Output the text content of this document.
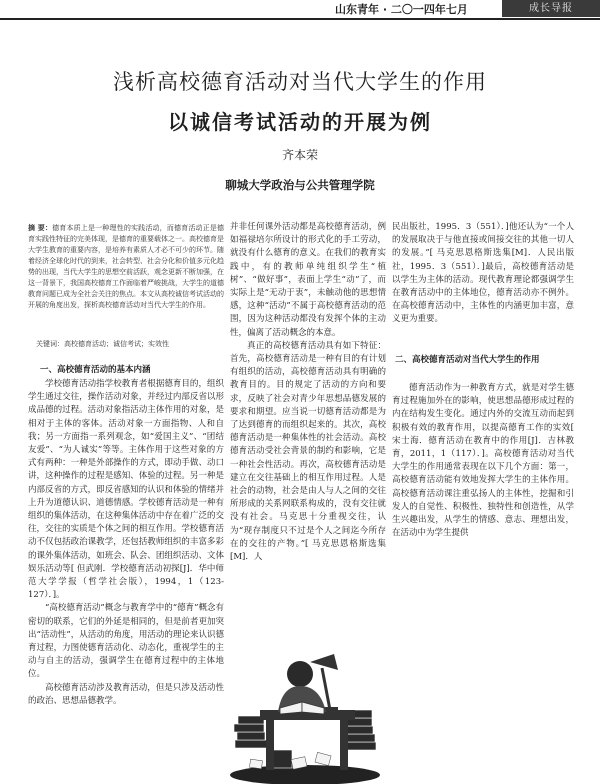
山东青年 · 二〇一四年七月	成长导报
浅析高校德育活动对当代大学生的作用
以诚信考试活动的开展为例
齐本荣
聊城大学政治与公共管理学院
摘 要：德育本质上是一种理性的实践活动，而德育活动正是德育实践性特征的完美体现，是德育的重要载体之一。高校德育是大学生教育的重要内容，是培养有素质人才必不可少的环节。随着经济全球化时代的到来，社会转型、社会分化和价值多元化趋势的出现，当代大学生的思想空前活跃，观念更新不断加强，在这一背景下，我国高校德育工作面临着严峻挑战，大学生的道德教育问题已成为全社会关注的焦点。本文从高校诚信考试活动的开展的角度出发，探析高校德育活动对当代大学生的作用。
关键词：高校德育活动；诚信考试；实效性
一、高校德育活动的基本内涵

学校德育活动指学校教育者根据德育目的，组织学生通过交往，操作活动对象，并经过内部反省以形成品德的过程。活动对象指活动主体作用的对象，是相对于主体的客体。活动对象一方面指物、人和自我；另一方面指一系列观念，如“爱国主义”、“团结友爱”、“为人诚实”等等。主体作用于这些对象的方式有两种：一种是外部操作的方式，即动手做、动口讲，这种操作的过程是感知、体验的过程。另一种是内部反省的方式，即反省感知的认识和体验的情绪并上升为道德认识、道德情感。学校德育活动是一种有组织的集体活动，在这种集体活动中存在着广泛的交往，交往的实质是个体之间的相互作用。学校德育活动不仅包括政治课教学，还包括教师组织的丰富多彩的课外集体活动，如班会、队会、团组织活动、文体娱乐活动等[ 但武刚．学校德育活动初探[J]．华中师范大学学报（哲学社会版），1994，1（123-127）．]。

“高校德育活动”概念与教育学中的“德育”概念有密切的联系，它们的外延是相同的，但是前者更加突出“活动性”，从活动的角度，用活动的理论来认识德育过程，力图使德育活动化、动态化，重视学生的主动与自主的活动，强调学生在德育过程中的主体地位。

高校德育活动涉及教育活动，但是只涉及活动性的政治、思想品德教学。

并非任何课外活动都是高校德育活动，例如福禄培尔所设计的形式化的手工劳动，就没有什么德育的意义。在我们的教育实践中，有的教师单纯组织学生“植树”、“做好事”，表面上学生“动”了，而实际上是“无动于衷”，未触动他的思想情感，这种“活动”不属于高校德育活动的范围，因为这种活动都没有发挥个体的主动性，偏离了活动概念的本意。

真正的高校德育活动具有如下特征：首先，高校德育活动是一种有目的有计划有组织的活动，高校德育活动具有明确的教育目的。目的规定了活动的方向和要求，反映了社会对青少年思想品德发展的要求和期望。应当说一切德育活动都是为了达到德育的而组织起来的。其次，高校德育活动是一种集体性的社会活动。高校德育活动受社会背景的制约和影响，它是一种社会性活动。再次，高校德育活动是建立在交往基础上的相互作用过程。人是社会的动物，社会是由人与人之间的交往所形成的关系网联系构成的，没有交往就没有社会。马克思十分重视交往，认为“现存制度只不过是个人之间迄今所存在的交往的产物。”[ 马克思恩格斯选集[M]．人

民出版社，1995．3（551）．]他还认为“一个人的发展取决于与他直接或间接交往的其他一切人的发展。”[ 马克思恩格斯选集[M]．人民出版社，1995．3（551）．]最后，高校德育活动是以学生为主体的活动。现代教育理论都强调学生在教育活动中的主体地位，德育活动亦不例外。在高校德育活动中，主体性的内涵更加丰富，意义更为重要。

二、高校德育活动对当代大学生的作用

德育活动作为一种教育方式，就是对学生德育过程施加外在的影响，使思想品德形成过程的内在结构发生变化。通过内外的交流互动而起到积极有效的教育作用，以提高德育工作的实效[ 宋士海．德育活动在教育中的作用[J]．吉林教育，2011，1（117）．]。高校德育活动对当代大学生的作用通常表现在以下几个方面：第一，高校德育活动能有效地发挥大学生的主体作用。高校德育活动课注重弘扬人的主体性，挖掘和引发人的自觉性、积极性、独特性和创造性，从学生兴趣出发，从学生的情感、意志、理想出发，在活动中为学生提供
